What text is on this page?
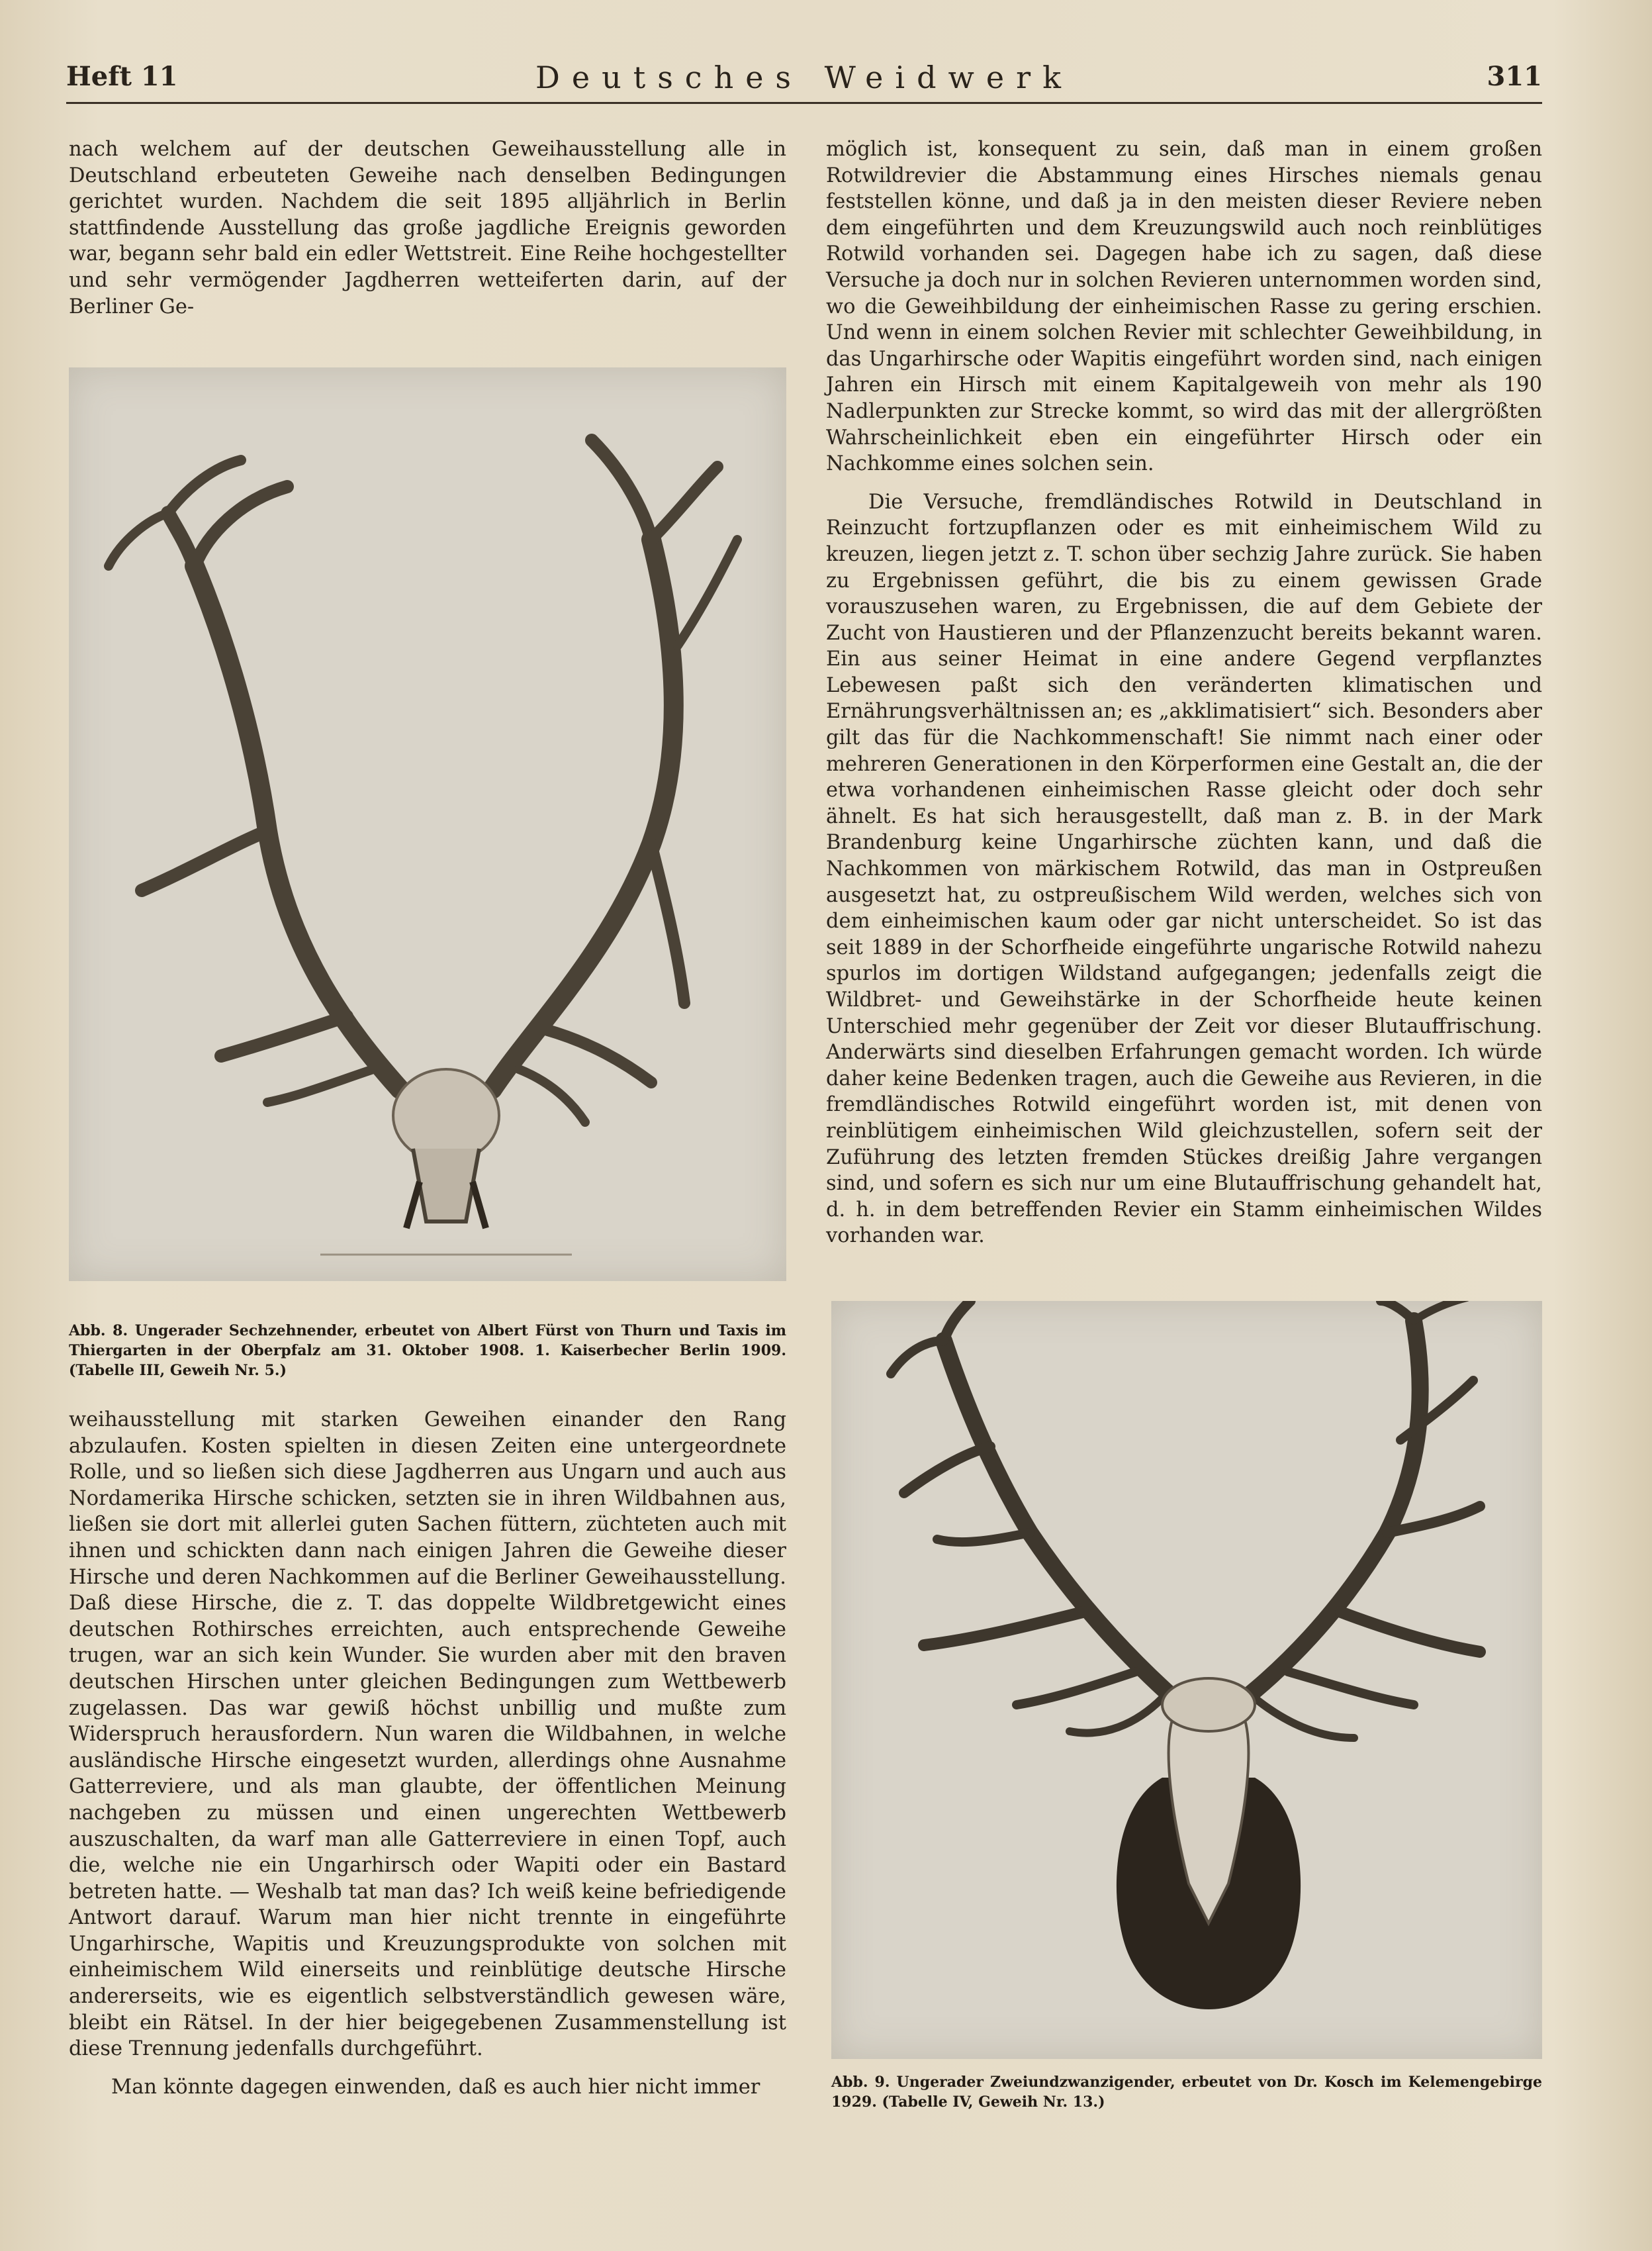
Heft 11	Deutsches Weidwerk	311

nach welchem auf der deutschen Geweihausstellung alle in Deutschland erbeuteten Geweihe nach denselben Bedingungen gerichtet wurden. Nachdem die seit 1895 alljährlich in Berlin stattfindende Ausstellung das große jagdliche Ereignis geworden war, begann sehr bald ein edler Wettstreit. Eine Reihe hochgestellter und sehr vermögender Jagdherren wetteiferten darin, auf der Berliner Ge-

Abb. 8. Ungerader Sechzehnender, erbeutet von Albert Fürst von Thurn und Taxis im Thiergarten in der Oberpfalz am 31. Oktober 1908. 1. Kaiserbecher Berlin 1909. (Tabelle III, Geweih Nr. 5.)

weihausstellung mit starken Geweihen einander den Rang abzulaufen. Kosten spielten in diesen Zeiten eine untergeordnete Rolle, und so ließen sich diese Jagdherren aus Ungarn und auch aus Nordamerika Hirsche schicken, setzten sie in ihren Wildbahnen aus, ließen sie dort mit allerlei guten Sachen füttern, züchteten auch mit ihnen und schickten dann nach einigen Jahren die Geweihe dieser Hirsche und deren Nachkommen auf die Berliner Geweihausstellung. Daß diese Hirsche, die z. T. das doppelte Wildbretgewicht eines deutschen Rothirsches erreichten, auch entsprechende Geweihe trugen, war an sich kein Wunder. Sie wurden aber mit den braven deutschen Hirschen unter gleichen Bedingungen zum Wettbewerb zugelassen. Das war gewiß höchst unbillig und mußte zum Widerspruch herausfordern. Nun waren die Wildbahnen, in welche ausländische Hirsche eingesetzt wurden, allerdings ohne Ausnahme Gatterreviere, und als man glaubte, der öffentlichen Meinung nachgeben zu müssen und einen ungerechten Wettbewerb auszuschalten, da warf man alle Gatterreviere in einen Topf, auch die, welche nie ein Ungarhirsch oder Wapiti oder ein Bastard betreten hatte. — Weshalb tat man das? Ich weiß keine befriedigende Antwort darauf. Warum man hier nicht trennte in eingeführte Ungarhirsche, Wapitis und Kreuzungsprodukte von solchen mit einheimischem Wild einerseits und reinblütige deutsche Hirsche andererseits, wie es eigentlich selbstverständlich gewesen wäre, bleibt ein Rätsel. In der hier beigegebenen Zusammenstellung ist diese Trennung jedenfalls durchgeführt.

Man könnte dagegen einwenden, daß es auch hier nicht immer

möglich ist, konsequent zu sein, daß man in einem großen Rotwildrevier die Abstammung eines Hirsches niemals genau feststellen könne, und daß ja in den meisten dieser Reviere neben dem eingeführten und dem Kreuzungswild auch noch reinblütiges Rotwild vorhanden sei. Dagegen habe ich zu sagen, daß diese Versuche ja doch nur in solchen Revieren unternommen worden sind, wo die Geweihbildung der einheimischen Rasse zu gering erschien. Und wenn in einem solchen Revier mit schlechter Geweihbildung, in das Ungarhirsche oder Wapitis eingeführt worden sind, nach einigen Jahren ein Hirsch mit einem Kapitalgeweih von mehr als 190 Nadlerpunkten zur Strecke kommt, so wird das mit der allergrößten Wahrscheinlichkeit eben ein eingeführter Hirsch oder ein Nachkomme eines solchen sein.

Die Versuche, fremdländisches Rotwild in Deutschland in Reinzucht fortzupflanzen oder es mit einheimischem Wild zu kreuzen, liegen jetzt z. T. schon über sechzig Jahre zurück. Sie haben zu Ergebnissen geführt, die bis zu einem gewissen Grade vorauszusehen waren, zu Ergebnissen, die auf dem Gebiete der Zucht von Haustieren und der Pflanzenzucht bereits bekannt waren. Ein aus seiner Heimat in eine andere Gegend verpflanztes Lebewesen paßt sich den veränderten klimatischen und Ernährungsverhältnissen an; es „akklimatisiert“ sich. Besonders aber gilt das für die Nachkommenschaft! Sie nimmt nach einer oder mehreren Generationen in den Körperformen eine Gestalt an, die der etwa vorhandenen einheimischen Rasse gleicht oder doch sehr ähnelt. Es hat sich herausgestellt, daß man z. B. in der Mark Brandenburg keine Ungarhirsche züchten kann, und daß die Nachkommen von märkischem Rotwild, das man in Ostpreußen ausgesetzt hat, zu ostpreußischem Wild werden, welches sich von dem einheimischen kaum oder gar nicht unterscheidet. So ist das seit 1889 in der Schorfheide eingeführte ungarische Rotwild nahezu spurlos im dortigen Wildstand aufgegangen; jedenfalls zeigt die Wildbret- und Geweihstärke in der Schorfheide heute keinen Unterschied mehr gegenüber der Zeit vor dieser Blutauffrischung. Anderwärts sind dieselben Erfahrungen gemacht worden. Ich würde daher keine Bedenken tragen, auch die Geweihe aus Revieren, in die fremdländisches Rotwild eingeführt worden ist, mit denen von reinblütigem einheimischen Wild gleichzustellen, sofern seit der Zuführung des letzten fremden Stückes dreißig Jahre vergangen sind, und sofern es sich nur um eine Blutauffrischung gehandelt hat, d. h. in dem betreffenden Revier ein Stamm einheimischen Wildes vorhanden war.

Abb. 9. Ungerader Zweiundzwanzigender, erbeutet von Dr. Kosch im Kelemengebirge 1929. (Tabelle IV, Geweih Nr. 13.)
